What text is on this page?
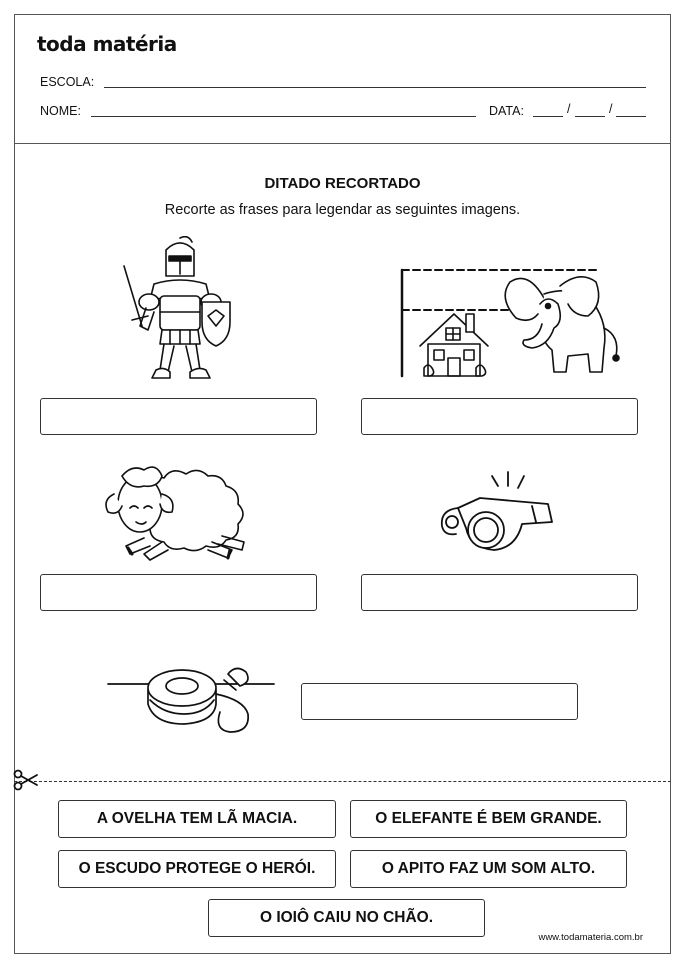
toda matéria
ESCOLA:
NOME:	DATA:	/	/
DITADO RECORTADO
Recorte as frases para legendar as seguintes imagens.
A OVELHA TEM LÃ MACIA.	O ELEFANTE É BEM GRANDE.
O ESCUDO PROTEGE O HERÓI.	O APITO FAZ UM SOM ALTO.
O IOIÔ CAIU NO CHÃO.
www.todamateria.com.br
